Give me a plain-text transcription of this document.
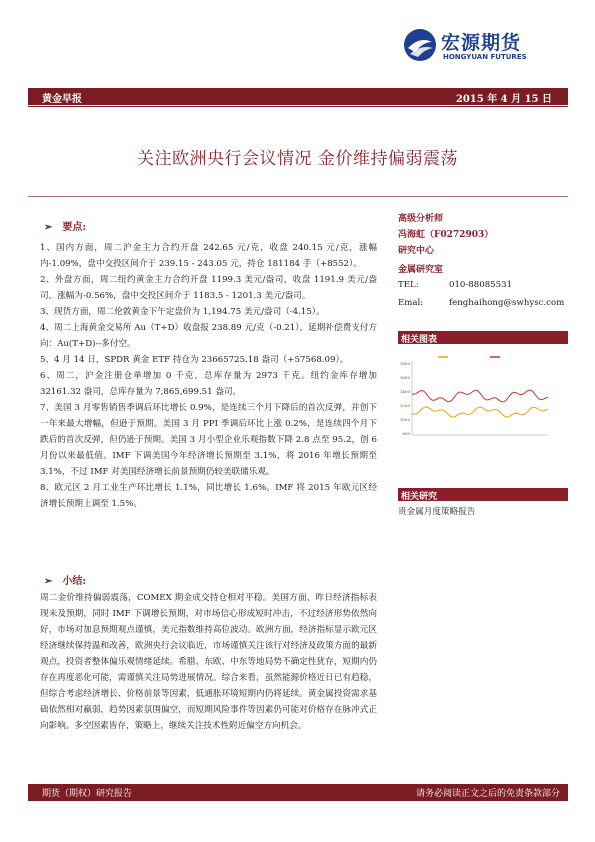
宏源期货
HONGYUAN FUTURES
黄金早报	2015 年 4 月 15 日
关注欧洲央行会议情况 金价维持偏弱震荡
➢ 要点:

1、国内方面，周二沪金主力合约开盘 242.65 元/克，收盘 240.15 元/克，涨幅内-1.09%，盘中交投区间介于 239.15 - 243.05 元，持仓 181184 手（+8552）。

2、外盘方面，周二纽约黄金主力合约开盘 1199.3 美元/盎司，收盘 1191.9 美元/盎司，涨幅为-0.56%，盘中交投区间介于 1183.5 - 1201.3 美元/盎司。

3、现货方面，周二伦敦黄金下午定盘价为 1,194.75 美元/盎司（-4.15）。

4、周二上海黄金交易所 Au（T+D）收盘报 238.89 元/克（-0.21），延期补偿费支付方向：Au(T+D)--多付空。

5、4 月 14 日，SPDR 黄金 ETF 持仓为 23665725.18 盎司（+57568.09）。

6、周二，沪金注册仓单增加 0 千克，总库存量为 2973 千克。纽约金库存增加 32161.32 盎司，总库存量为 7,865,699.51 盎司。

7、美国 3 月零售销售季调后环比增长 0.9%，是连续三个月下降后的首次反弹，并创下一年来最大增幅，但逊于预期。美国 3 月 PPI 季调后环比上涨 0.2%，是连续四个月下跌后的首次反弹，但仍逊于预期。美国 3 月小型企业乐观指数下降 2.8 点至 95.2，创 6 月份以来最低值。IMF 下调美国今年经济增长预期至 3.1%，将 2016 年增长预期至 3.1%，不过 IMF 对美国经济增长前景预期仍较美联储乐观。

8、欧元区 2 月工业生产环比增长 1.1%，同比增长 1.6%。IMF 将 2015 年欧元区经济增长预期上调至 1.5%。

➢ 小结:

周二金价维持偏弱震荡，COMEX 期金成交持仓相对平稳。美国方面，昨日经济指标表现未及预期，同时 IMF 下调增长预期，对市场信心形成短时冲击，不过经济形势依然向好，市场对加息预期观点谨慎，美元指数维持高位波动。欧洲方面，经济指标显示欧元区经济继续保持温和改善，欧洲央行会议临近，市场谨慎关注该行对经济及政策方面的最新观点，投资者整体偏乐观情绪延续。希腊、东欧、中东等地局势不确定性犹存，短期内仍存在再度恶化可能，需谨慎关注局势进展情况。综合来看，虽然能源价格近日已有趋稳，但综合考虑经济增长、价格前景等因素，低通胀环境短期内仍将延续。黄金属投资需求基础依然相对羸弱，趋势因素氛围偏空，而短期风险事件等因素仍可能对价格存在脉冲式正向影响。多空因素皆存，策略上，继续关注技术性附近偏空方向机会。

高级分析师
冯海虹（F0272903）
研究中心
金属研究室
TEL:	010-88085531
Emal:	fenghaihong@swhysc.com
相关图表
1800
1600
1400
1200
1000
800
相关研究
贵金属月度策略报告
期货（期权）研究报告	请务必阅读正文之后的免责条款部分
